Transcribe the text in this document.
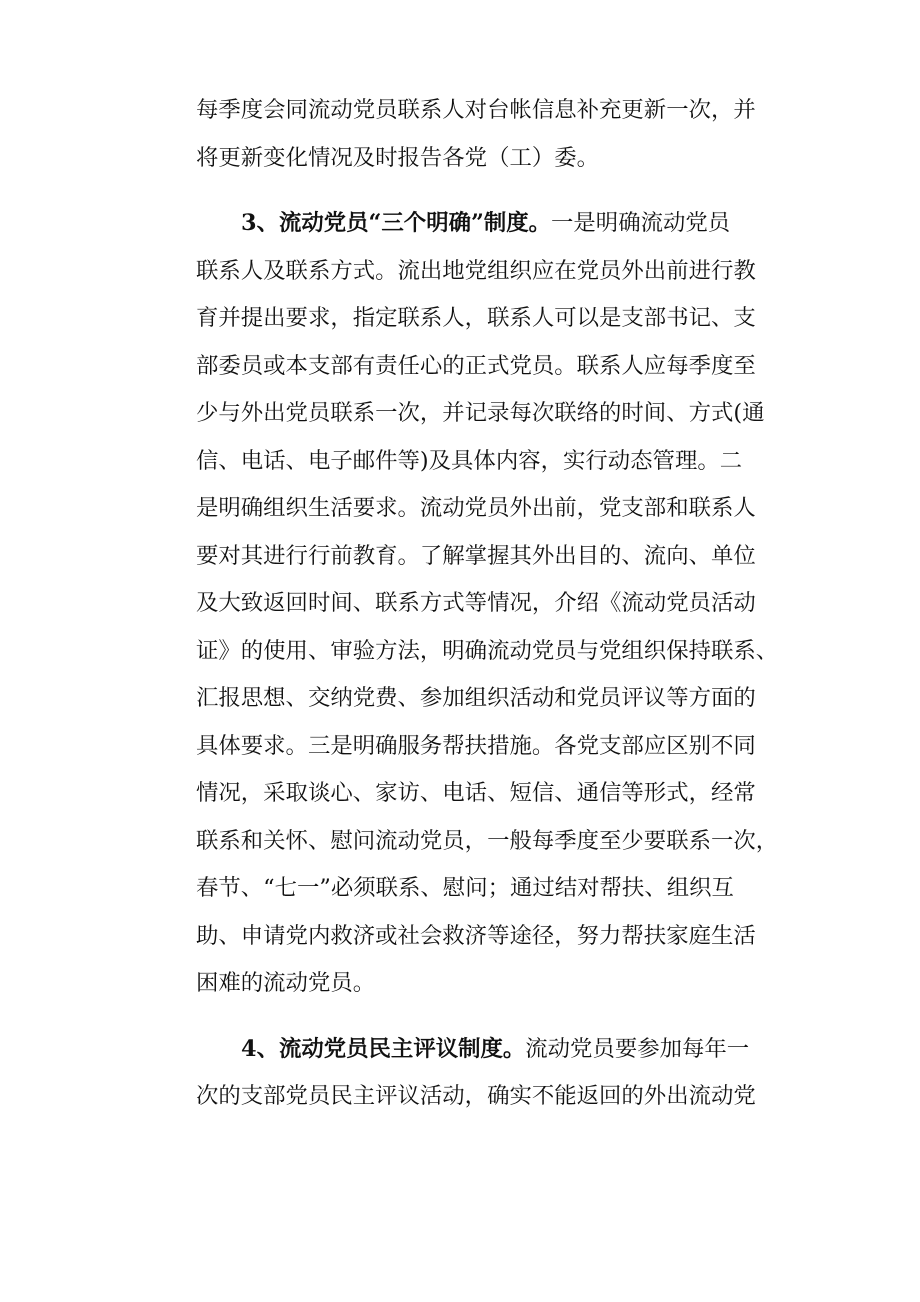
每季度会同流动党员联系人对台帐信息补充更新一次，并
将更新变化情况及时报告各党（工）委。
3、流动党员“三个明确”制度。一是明确流动党员
联系人及联系方式。流出地党组织应在党员外出前进行教
育并提出要求，指定联系人，联系人可以是支部书记、支
部委员或本支部有责任心的正式党员。联系人应每季度至
少与外出党员联系一次，并记录每次联络的时间、方式(通
信、电话、电子邮件等)及具体内容，实行动态管理。二
是明确组织生活要求。流动党员外出前，党支部和联系人
要对其进行行前教育。了解掌握其外出目的、流向、单位
及大致返回时间、联系方式等情况，介绍《流动党员活动
证》的使用、审验方法，明确流动党员与党组织保持联系、
汇报思想、交纳党费、参加组织活动和党员评议等方面的
具体要求。三是明确服务帮扶措施。各党支部应区别不同
情况，采取谈心、家访、电话、短信、通信等形式，经常
联系和关怀、慰问流动党员，一般每季度至少要联系一次，
春节、“七一”必须联系、慰问；通过结对帮扶、组织互
助、申请党内救济或社会救济等途径，努力帮扶家庭生活
困难的流动党员。
4、流动党员民主评议制度。流动党员要参加每年一
次的支部党员民主评议活动，确实不能返回的外出流动党
